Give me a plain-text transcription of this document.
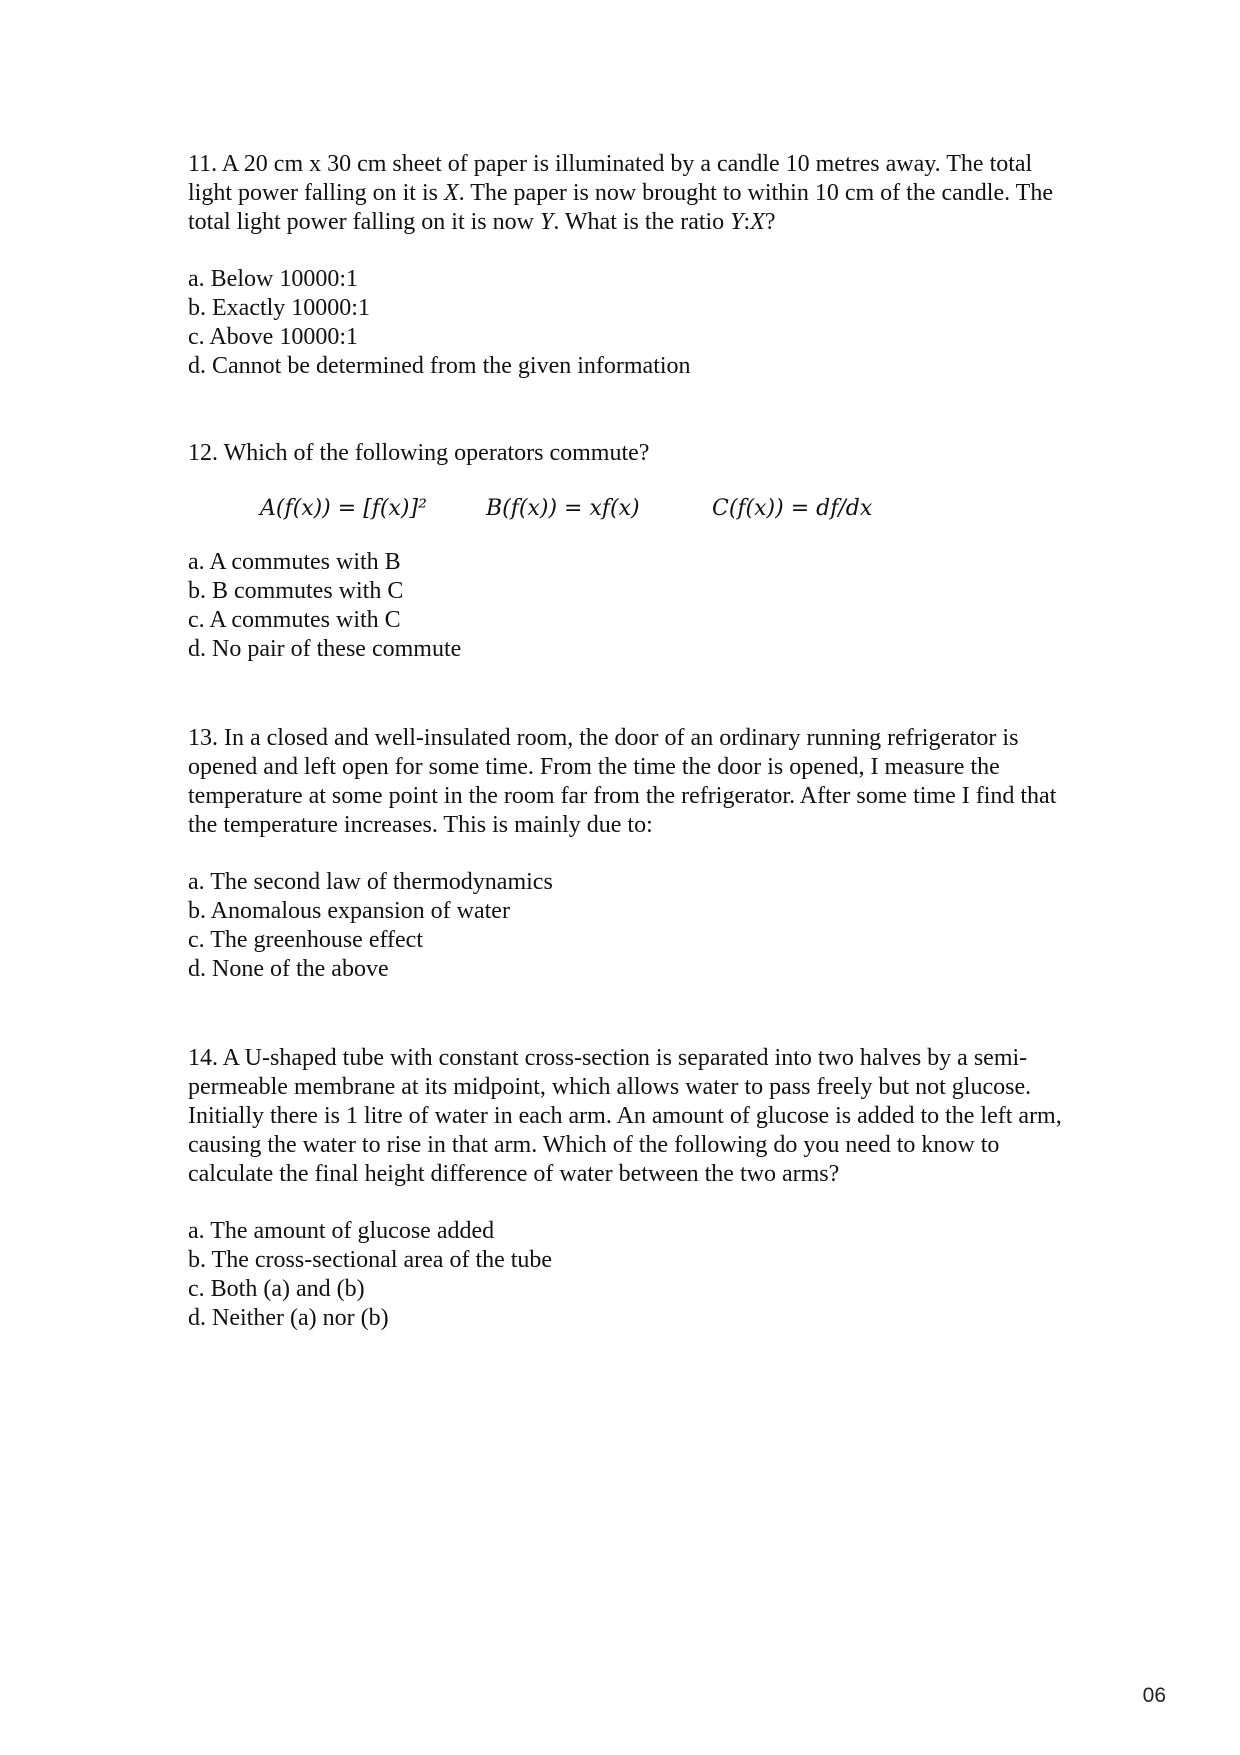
11. A 20 cm x 30 cm sheet of paper is illuminated by a candle 10 metres away. The total light power falling on it is X. The paper is now brought to within 10 cm of the candle. The total light power falling on it is now Y. What is the ratio Y:X?

a. Below 10000:1

b. Exactly 10000:1

c. Above 10000:1

d. Cannot be determined from the given information

12. Which of the following operators commute?

A(f(x)) = [f(x)]²	B(f(x)) = xf(x)	C(f(x)) = df/dx

a. A commutes with B

b. B commutes with C

c. A commutes with C

d. No pair of these commute

13. In a closed and well-insulated room, the door of an ordinary running refrigerator is opened and left open for some time. From the time the door is opened, I measure the temperature at some point in the room far from the refrigerator. After some time I find that the temperature increases. This is mainly due to:

a. The second law of thermodynamics

b. Anomalous expansion of water

c. The greenhouse effect

d. None of the above

14. A U-shaped tube with constant cross-section is separated into two halves by a semi-permeable membrane at its midpoint, which allows water to pass freely but not glucose. Initially there is 1 litre of water in each arm. An amount of glucose is added to the left arm, causing the water to rise in that arm. Which of the following do you need to know to calculate the final height difference of water between the two arms?

a. The amount of glucose added

b. The cross-sectional area of the tube

c. Both (a) and (b)

d. Neither (a) nor (b)

06
